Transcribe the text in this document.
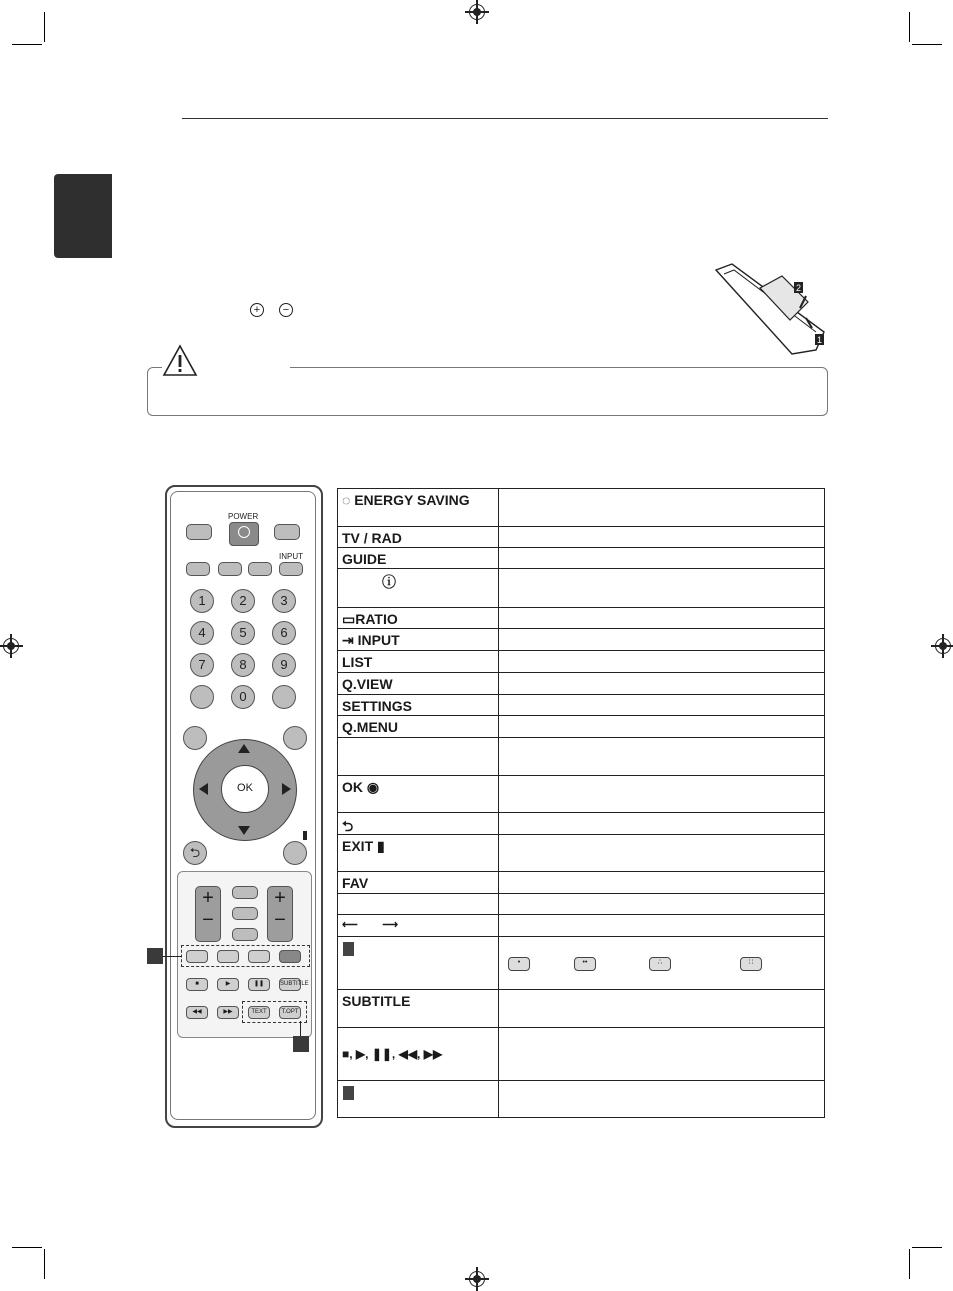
+	−
2
1
POWER
INPUT
1	2	3
4	5	6
7	8	9
0
OK
⮌
+
−
+
−
■	▶	❚❚	SUBTITLE
◀◀	▶▶	TEXT	T.OPT
◌ ENERGY SAVING
TV / RAD
GUIDE
ⓘ
▭RATIO
⇥ INPUT
LIST
Q.VIEW
SETTINGS
Q.MENU
OK ◉
⮌
EXIT ▮
FAV
⟵        ⟶
•	••	∴	∷
SUBTITLE
■, ▶, ❚❚, ◀◀, ▶▶
